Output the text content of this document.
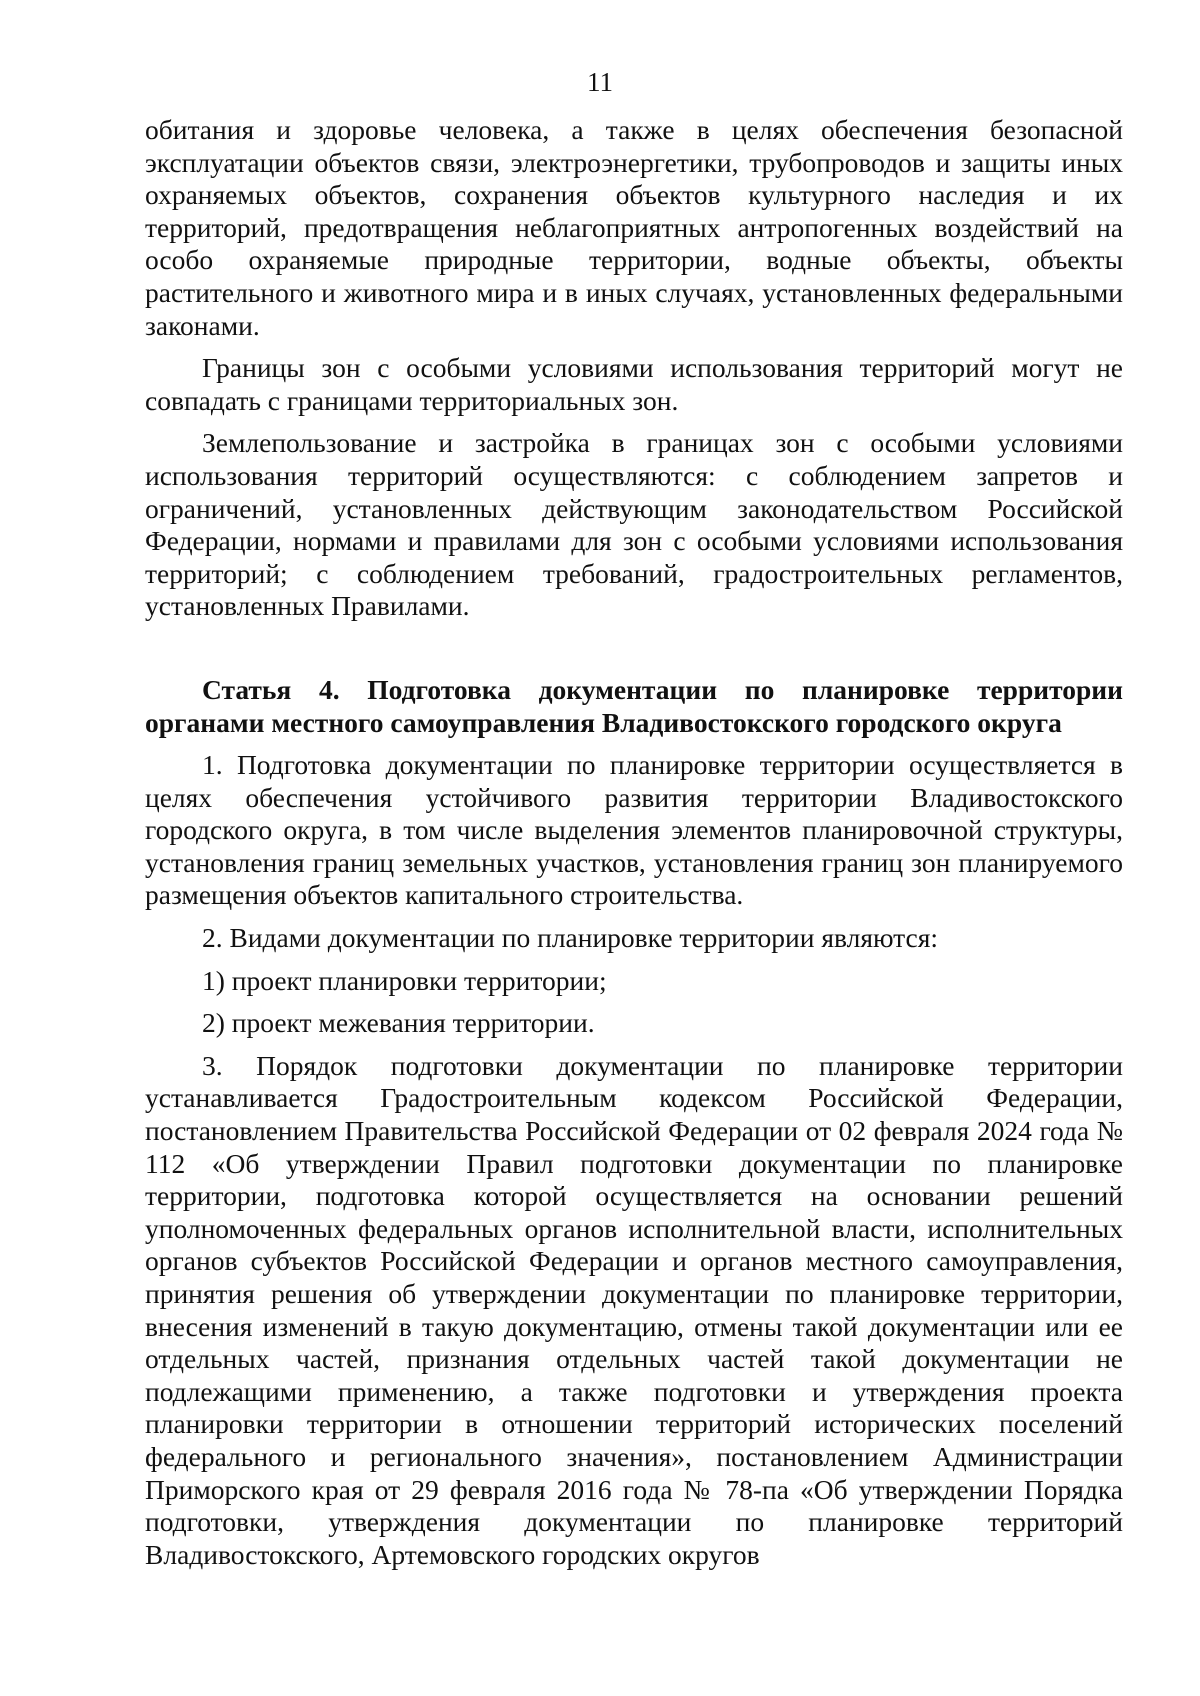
11

обитания и здоровье человека, а также в целях обеспечения безопасной эксплуатации объектов связи, электроэнергетики, трубопроводов и защиты иных охраняемых объектов, сохранения объектов культурного наследия и их территорий, предотвращения неблагоприятных антропогенных воздействий на особо охраняемые природные территории, водные объекты, объекты растительного и животного мира и в иных случаях, установленных федеральными законами.

Границы зон с особыми условиями использования территорий могут не совпадать с границами территориальных зон.

Землепользование и застройка в границах зон с особыми условиями использования территорий осуществляются: с соблюдением запретов и ограничений, установленных действующим законодательством Российской Федерации, нормами и правилами для зон с особыми условиями использования территорий; с соблюдением требований, градостроительных регламентов, установленных Правилами.

Статья 4. Подготовка документации по планировке территории органами местного самоуправления Владивостокского городского округа

1. Подготовка документации по планировке территории осуществляется в целях обеспечения устойчивого развития территории Владивостокского городского округа, в том числе выделения элементов планировочной структуры, установления границ земельных участков, установления границ зон планируемого размещения объектов капитального строительства.

2. Видами документации по планировке территории являются:

1) проект планировки территории;

2) проект межевания территории.

3. Порядок подготовки документации по планировке территории устанавливается Градостроительным кодексом Российской Федерации, постановлением Правительства Российской Федерации от 02 февраля 2024 года № 112 «Об утверждении Правил подготовки документации по планировке территории, подготовка которой осуществляется на основании решений уполномоченных федеральных органов исполнительной власти, исполнительных органов субъектов Российской Федерации и органов местного самоуправления, принятия решения об утверждении документации по планировке территории, внесения изменений в такую документацию, отмены такой документации или ее отдельных частей, признания отдельных частей такой документации не подлежащими применению, а также подготовки и утверждения проекта планировки территории в отношении территорий исторических поселений федерального и регионального значения», постановлением Администрации Приморского края от 29 февраля 2016 года № 78-па «Об утверждении Порядка подготовки, утверждения документации по планировке территорий Владивостокского, Артемовского городских округов
